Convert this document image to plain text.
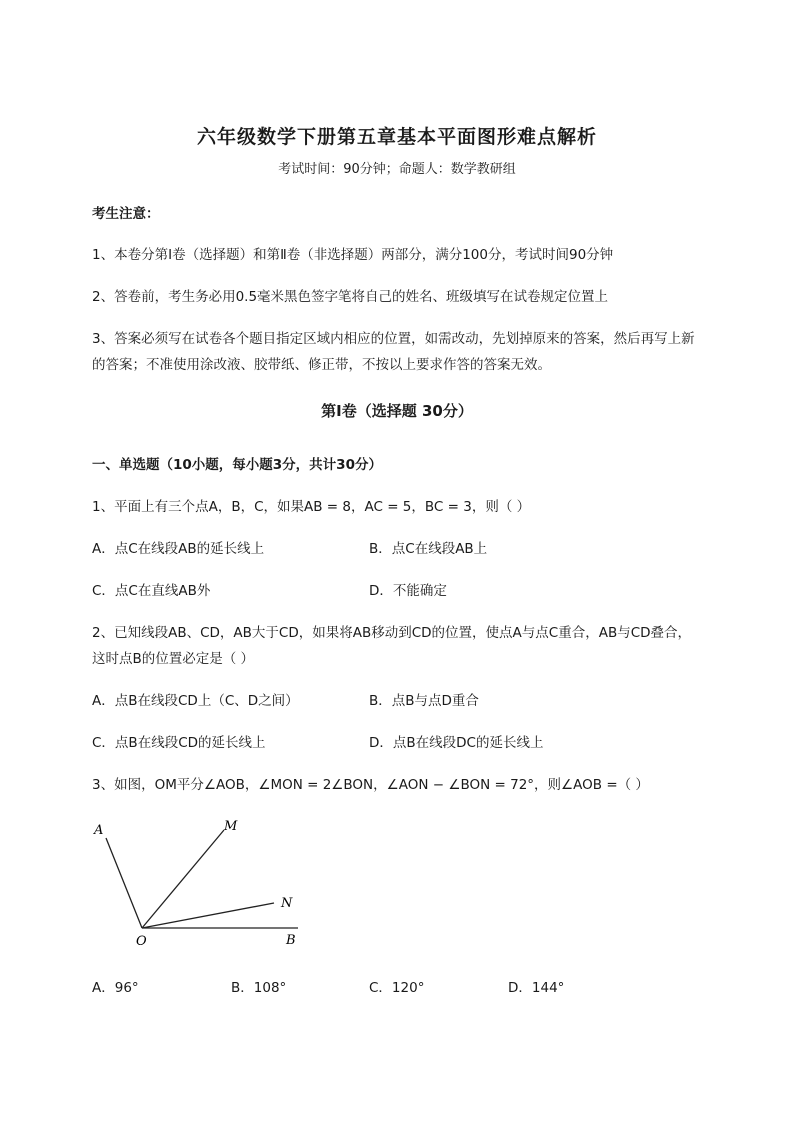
六年级数学下册第五章基本平面图形难点解析
考试时间：90分钟；命题人：数学教研组
考生注意：
1、本卷分第I卷（选择题）和第Ⅱ卷（非选择题）两部分，满分100分，考试时间90分钟
2、答卷前，考生务必用0.5毫米黑色签字笔将自己的姓名、班级填写在试卷规定位置上
3、答案必须写在试卷各个题目指定区域内相应的位置，如需改动，先划掉原来的答案，然后再写上新
的答案；不准使用涂改液、胶带纸、修正带，不按以上要求作答的答案无效。
第I卷（选择题 30分）
一、单选题（10小题，每小题3分，共计30分）
1、平面上有三个点A，B，C，如果AB = 8，AC = 5，BC = 3，则（ ）
A．点C在线段AB的延长线上	B．点C在线段AB上
C．点C在直线AB外	D．不能确定
2、已知线段AB、CD，AB大于CD，如果将AB移动到CD的位置，使点A与点C重合，AB与CD叠合，
这时点B的位置必定是（ ）
A．点B在线段CD上（C、D之间）	B．点B与点D重合
C．点B在线段CD的延长线上	D．点B在线段DC的延长线上
3、如图，OM平分∠AOB，∠MON = 2∠BON，∠AON − ∠BON = 72°，则∠AOB =（ ）
A	M
N
O	B
A．96°	B．108°	C．120°	D．144°
